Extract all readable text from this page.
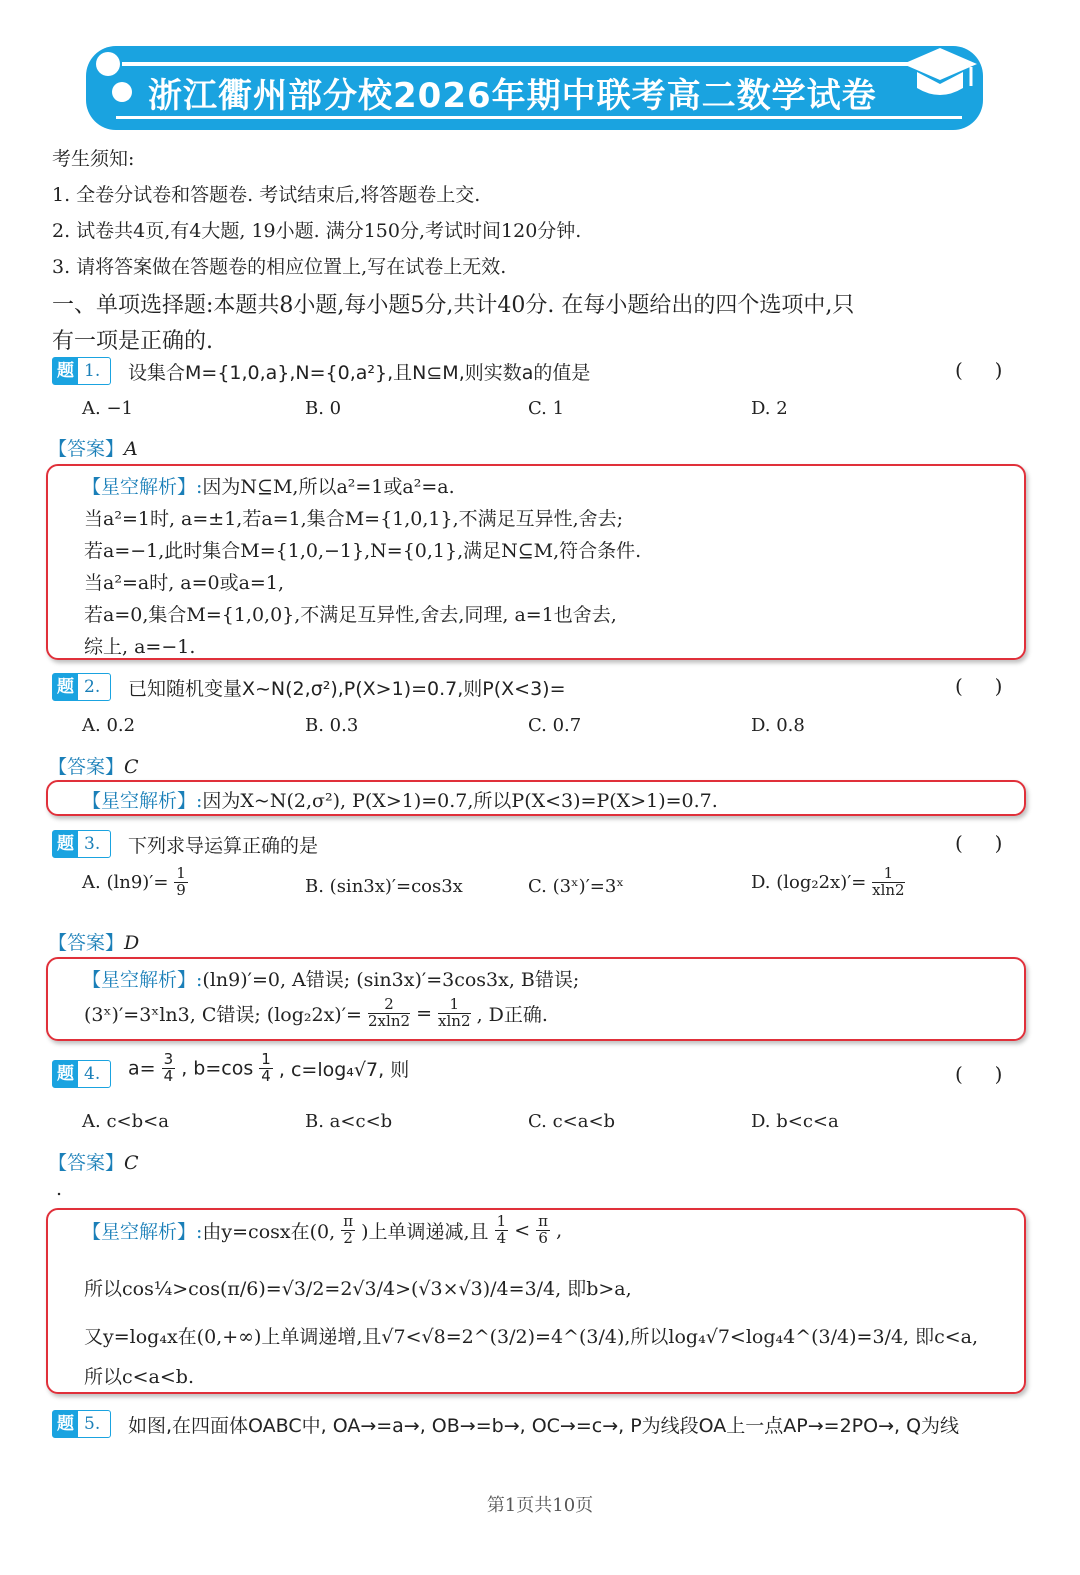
浙江衢州部分校2026年期中联考高二数学试卷
考生须知:
1. 全卷分试卷和答题卷. 考试结束后,将答题卷上交.
2. 试卷共4页,有4大题, 19小题. 满分150分,考试时间120分钟.
3. 请将答案做在答题卷的相应位置上,写在试卷上无效.
一、单项选择题:本题共8小题,每小题5分,共计40分. 在每小题给出的四个选项中,只
有一项是正确的.
题 1.	设集合M={1,0,a},N={0,a²},且N⊆M,则实数a的值是	(     )
A. −1	B. 0	C. 1	D. 2
【答案】A
【星空解析】:因为N⊆M,所以a²=1或a²=a.
当a²=1时, a=±1,若a=1,集合M={1,0,1},不满足互异性,舍去;
若a=−1,此时集合M={1,0,−1},N={0,1},满足N⊆M,符合条件.
当a²=a时, a=0或a=1,
若a=0,集合M={1,0,0},不满足互异性,舍去,同理, a=1也舍去,
综上, a=−1.
题 2.	已知随机变量X~N(2,σ²),P(X>1)=0.7,则P(X<3)=	(     )
A. 0.2	B. 0.3	C. 0.7	D. 0.8
【答案】C
【星空解析】:因为X~N(2,σ²), P(X>1)=0.7,所以P(X<3)=P(X>1)=0.7.
题 3.	下列求导运算正确的是	(     )
A. $(\ln 9)'= \frac{1}{9}$	B. (sin3x)′=cos3x	C. (3ˣ)′=3ˣ	D. $(\log_22x)'= \frac{1}{xln2}$
【答案】D
【星空解析】:(ln9)′=0, A错误; (sin3x)′=3cos3x, B错误;
(3ˣ)′=3ˣln3, C错误; $(\log_22x)'= \frac{2}{2xln2} = \frac{1}{xln2}$ , D正确.
题 4.	$a= \frac{3}{4}$ , $b=\cos \frac{1}{4}$ , c=log₄√7, 则	(     )
A. c<b<a	B. a<c<b	C. c<a<b	D. b<c<a
【答案】C
.
【星空解析】:由y=cosx在(0, $\frac{\pi}{2}$ )上单调递减,且 $\frac{1}{4} < \frac{\pi}{6}$ ,
所以cos¼>cos(π/6)=√3/2=2√3/4>(√3×√3)/4=3/4, 即b>a,
又y=log₄x在(0,+∞)上单调递增,且√7<√8=2^(3/2)=4^(3/4),所以log₄√7<log₄4^(3/4)=3/4, 即c<a,
所以c<a<b.
题 5.	如图,在四面体OABC中, OA→=a→, OB→=b→, OC→=c→, P为线段OA上一点AP→=2PO→, Q为线
第1页共10页
